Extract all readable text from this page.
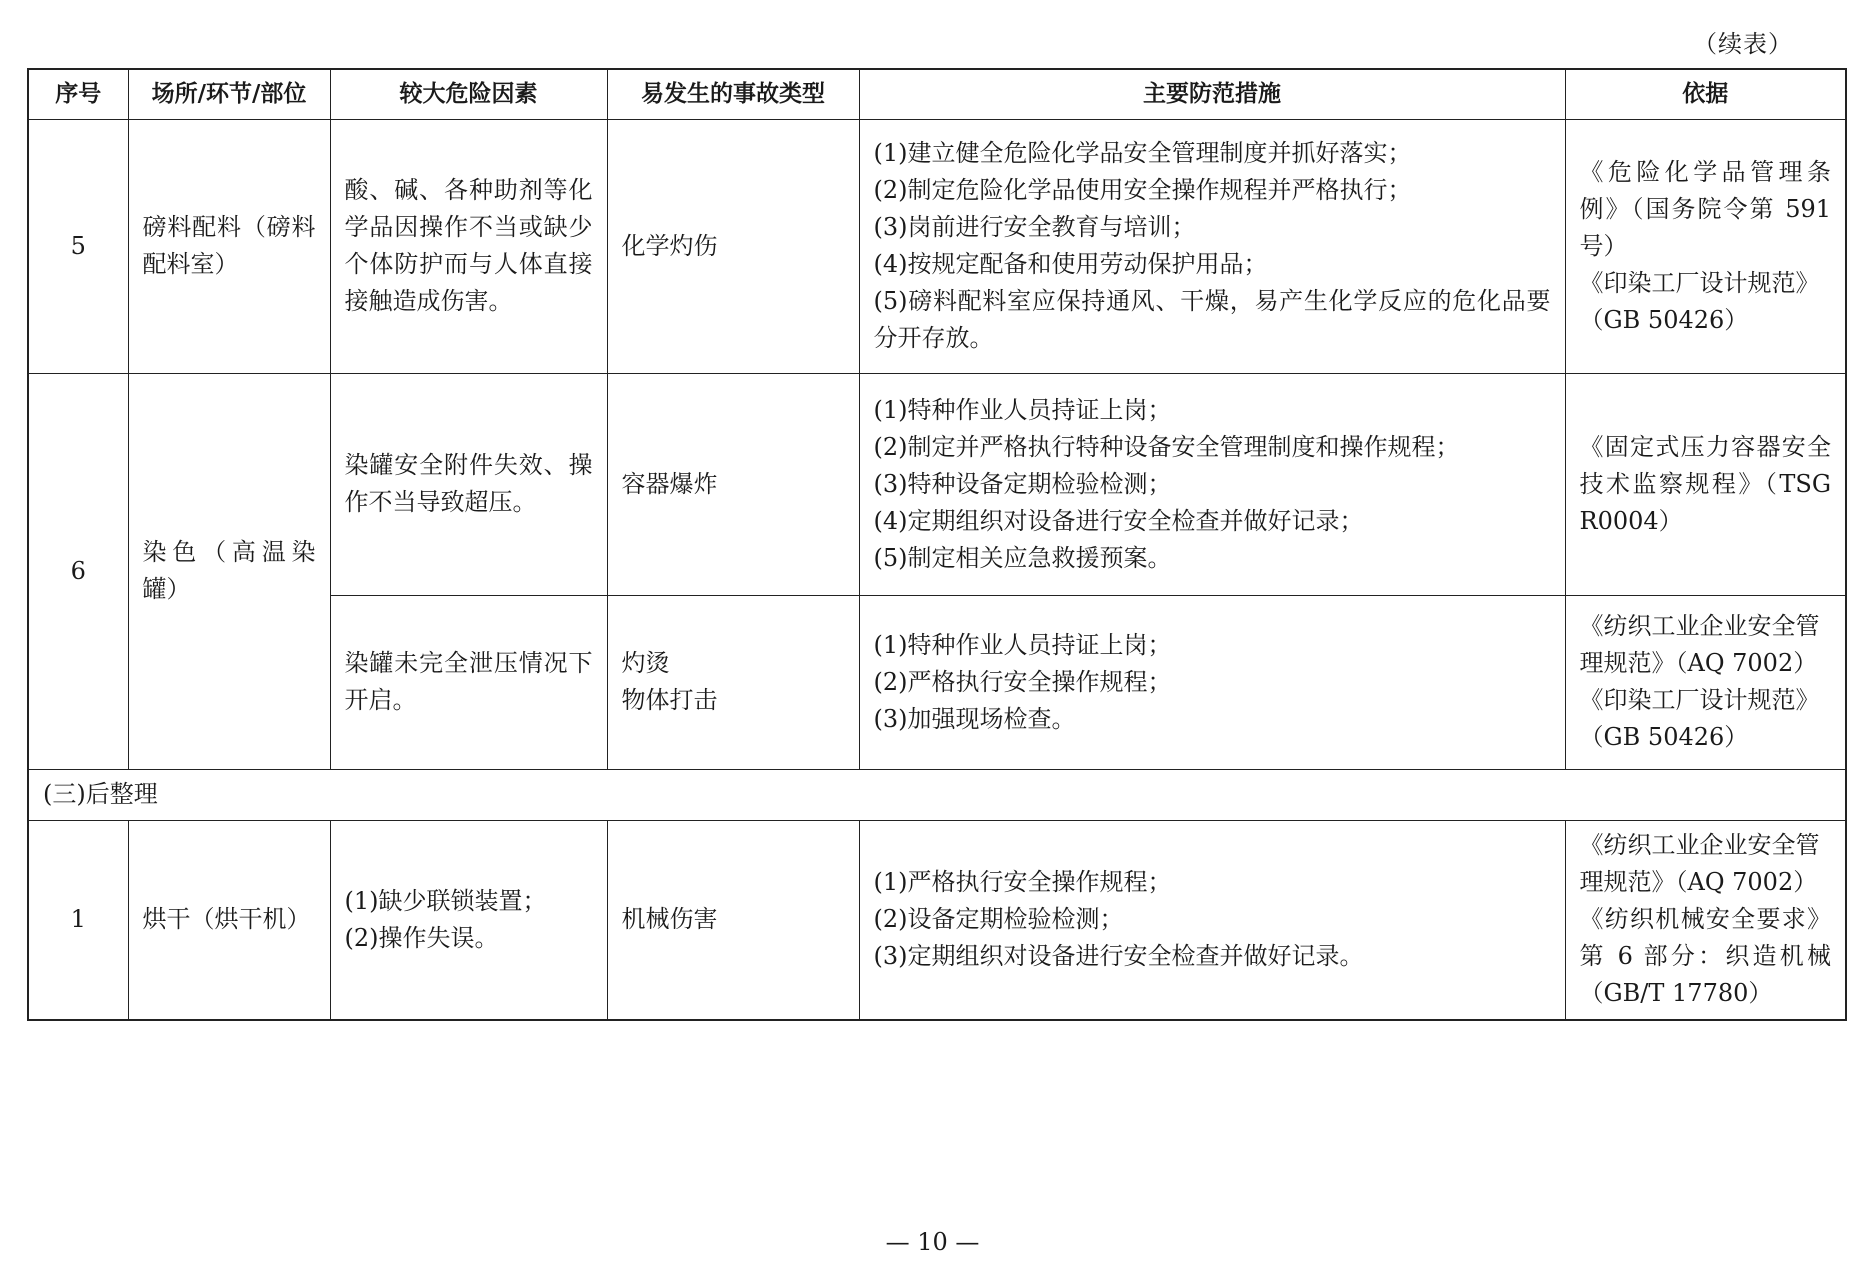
（续表）
序号	场所/环节/部位	较大危险因素	易发生的事故类型	主要防范措施	依据
5	磅料配料（磅料配料室）	酸、碱、各种助剂等化学品因操作不当或缺少个体防护而与人体直接接触造成伤害。	化学灼伤	(1)建立健全危险化学品安全管理制度并抓好落实；
(2)制定危险化学品使用安全操作规程并严格执行；
(3)岗前进行安全教育与培训；
(4)按规定配备和使用劳动保护用品；
(5)磅料配料室应保持通风、干燥，易产生化学反应的危化品要分开存放。	《危险化学品管理条例》（国务院令第 591 号）
《印染工厂设计规范》（GB 50426）

6	染色（高温染罐）	染罐安全附件失效、操作不当导致超压。	容器爆炸	(1)特种作业人员持证上岗；
(2)制定并严格执行特种设备安全管理制度和操作规程；
(3)特种设备定期检验检测；
(4)定期组织对设备进行安全检查并做好记录；
(5)制定相关应急救援预案。	《固定式压力容器安全技术监察规程》（TSG R0004）

		染罐未完全泄压情况下开启。	灼烫
物体打击	(1)特种作业人员持证上岗；
(2)严格执行安全操作规程；
(3)加强现场检查。	《纺织工业企业安全管理规范》（AQ 7002）
《印染工厂设计规范》（GB 50426）

(三)后整理					
1	烘干（烘干机）	(1)缺少联锁装置；
(2)操作失误。	机械伤害	(1)严格执行安全操作规程；
(2)设备定期检验检测；
(3)定期组织对设备进行安全检查并做好记录。	《纺织工业企业安全管理规范》（AQ 7002）
《纺织机械安全要求》第 6 部分：织造机械（GB/T 17780）
— 10 —
